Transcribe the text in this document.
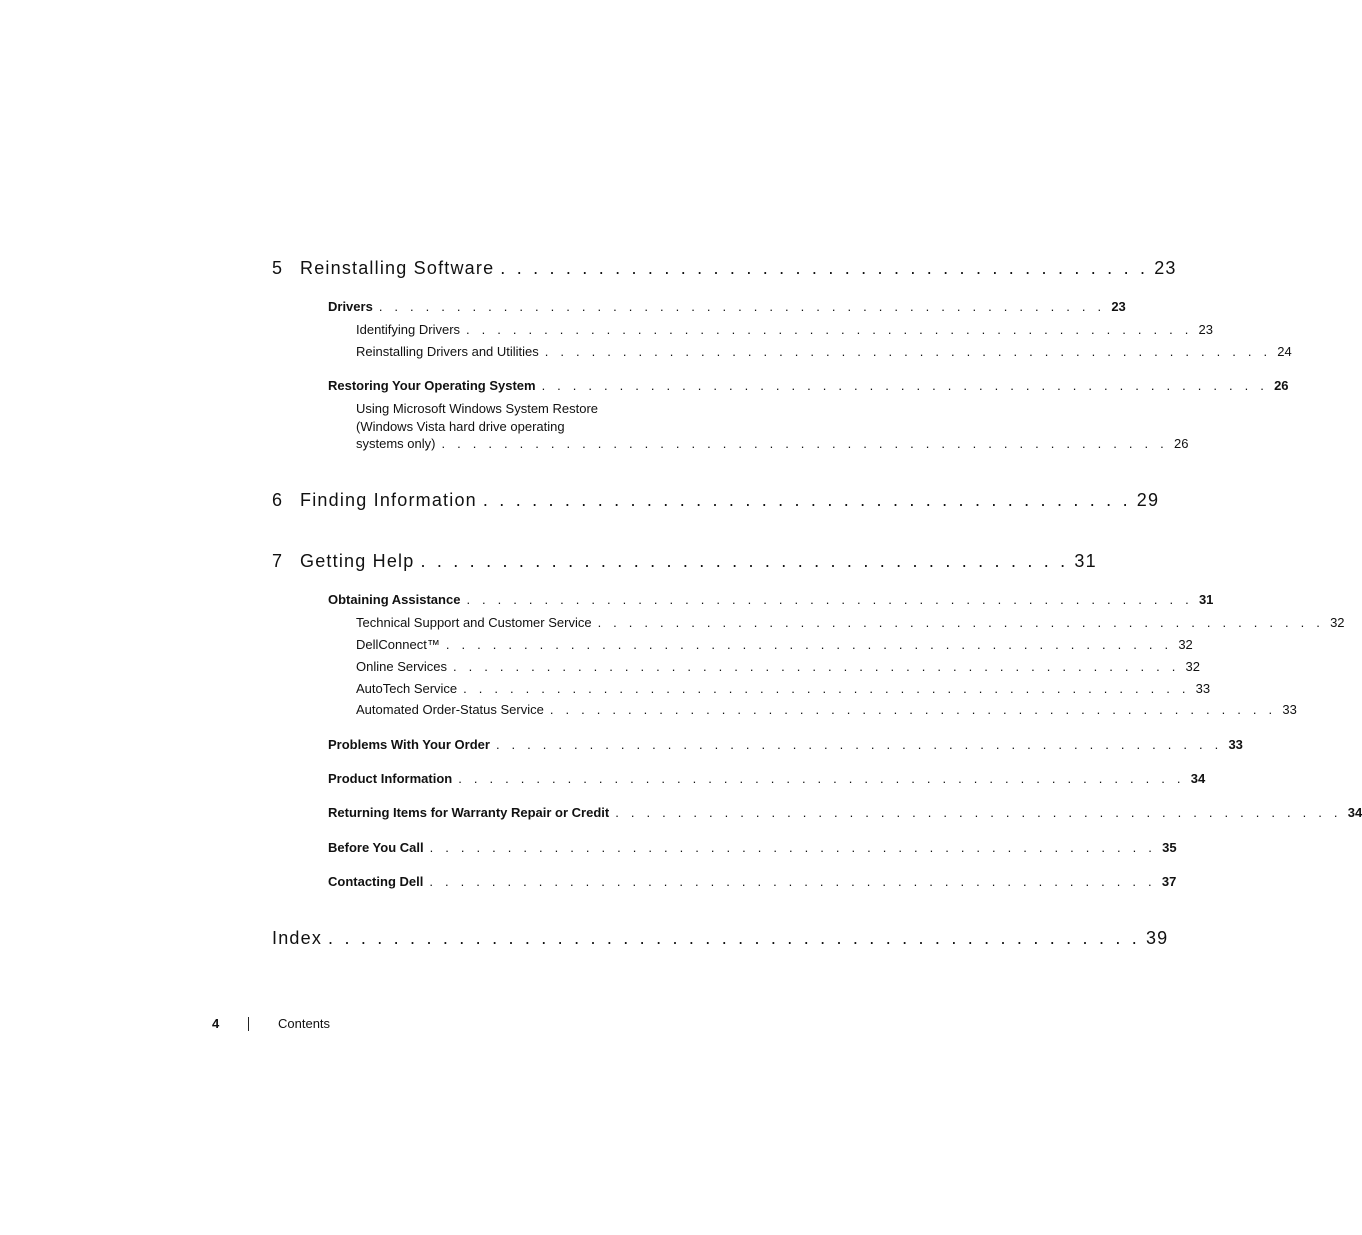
5 Reinstalling Software . . . . . . . . . . . . . . . . . . . . . . . . . . . . . . . . . . . . . . . . 23
Drivers . . . . . . . . . . . . . . . . . . . . . . . . . . . . . . . . . . . . . . . . . . . . . . . 23
Identifying Drivers . . . . . . . . . . . . . . . . . . . . . . . . . . . . . . . . . . . . . . . . . . . . . . . 23
Reinstalling Drivers and Utilities . . . . . . . . . . . . . . . . . . . . . . . . . . . . . . . . . . . . . . . . . . . . . . . 24
Restoring Your Operating System . . . . . . . . . . . . . . . . . . . . . . . . . . . . . . . . . . . . . . . . . . . . . . . 26
Using Microsoft Windows System Restore
(Windows Vista hard drive operating
systems only) . . . . . . . . . . . . . . . . . . . . . . . . . . . . . . . . . . . . . . . . . . . . . . . 26
6 Finding Information . . . . . . . . . . . . . . . . . . . . . . . . . . . . . . . . . . . . . . . . 29
7 Getting Help . . . . . . . . . . . . . . . . . . . . . . . . . . . . . . . . . . . . . . . . 31
Obtaining Assistance . . . . . . . . . . . . . . . . . . . . . . . . . . . . . . . . . . . . . . . . . . . . . . . 31
Technical Support and Customer Service . . . . . . . . . . . . . . . . . . . . . . . . . . . . . . . . . . . . . . . . . . . . . . . 32
DellConnect™ . . . . . . . . . . . . . . . . . . . . . . . . . . . . . . . . . . . . . . . . . . . . . . . 32
Online Services . . . . . . . . . . . . . . . . . . . . . . . . . . . . . . . . . . . . . . . . . . . . . . . 32
AutoTech Service . . . . . . . . . . . . . . . . . . . . . . . . . . . . . . . . . . . . . . . . . . . . . . . 33
Automated Order-Status Service . . . . . . . . . . . . . . . . . . . . . . . . . . . . . . . . . . . . . . . . . . . . . . . 33
Problems With Your Order . . . . . . . . . . . . . . . . . . . . . . . . . . . . . . . . . . . . . . . . . . . . . . . 33
Product Information . . . . . . . . . . . . . . . . . . . . . . . . . . . . . . . . . . . . . . . . . . . . . . . 34
Returning Items for Warranty Repair or Credit . . . . . . . . . . . . . . . . . . . . . . . . . . . . . . . . . . . . . . . . . . . . . . . 34
Before You Call . . . . . . . . . . . . . . . . . . . . . . . . . . . . . . . . . . . . . . . . . . . . . . . 35
Contacting Dell . . . . . . . . . . . . . . . . . . . . . . . . . . . . . . . . . . . . . . . . . . . . . . . 37
Index . . . . . . . . . . . . . . . . . . . . . . . . . . . . . . . . . . . . . . . . . . . . . . . . . . 39
4	Contents
